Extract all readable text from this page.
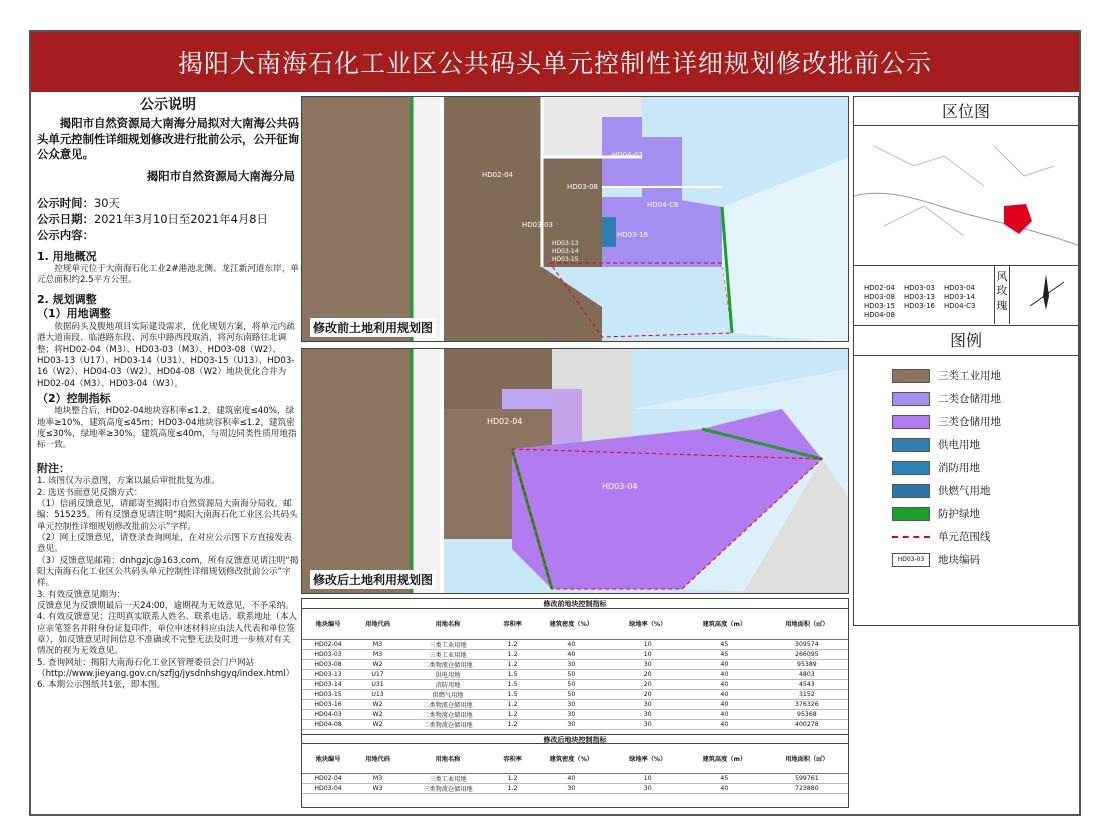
揭阳大南海石化工业区公共码头单元控制性详细规划修改批前公示
公示说明
揭阳市自然资源局大南海分局拟对大南海公共码头单元控制性详细规划修改进行批前公示，公开征询公众意见。
揭阳市自然资源局大南海分局
公示时间：30天
公示日期：2021年3月10日至2021年4月8日
公示内容：
1. 用地概况
控规单元位于大南海石化工业2#港池北侧、龙江新河道东岸，单元总面积约2.5平方公里。
2. 规划调整
（1）用地调整
依据码头及腹地项目实际建设需求，优化规划方案，将单元内疏港大道南段、临港路东段、河东中路西段取消，将河东南路往北调整；将HD02-04（M3）、HD03-03（M3）、HD03-08（W2）、HD03-13（U17）、HD03-14（U31）、HD03-15（U13）、HD03-16（W2）、HD04-03（W2）、HD04-08（W2）地块优化合并为HD02-04（M3）、HD03-04（W3）。
（2）控制指标
地块整合后，HD02-04地块容积率≤1.2，建筑密度≤40%，绿地率≥10%，建筑高度≤45m；HD03-04地块容积率≤1.2，建筑密度≤30%，绿地率≥30%，建筑高度≤40m，与周边同类性质用地指标一致。
附注：
1. 该图仅为示意图，方案以最后审批批复为准。
2. 选送书面意见反馈方式：
（1）信函反馈意见，请邮寄至揭阳市自然资源局大南海分局收，邮编：515235。所有反馈意见请注明“揭阳大南海石化工业区公共码头单元控制性详细规划修改批前公示”字样。
（2）网上反馈意见，请登录查询网址，在对应公示图下方直接发表意见。
（3）反馈意见邮箱：dnhgzjc@163.com，所有反馈意见请注明“揭阳大南海石化工业区公共码头单元控制性详细规划修改批前公示”字样。
3. 有效反馈意见期为：
反馈意见为反馈期最后一天24:00，逾期视为无效意见，不予采纳。
4. 有效反馈意见：注明真实联系人姓名、联系电话、联系地址（本人应亲笔签名并附身份证复印件，单位申述材料应由法人代表和单位签章），如反馈意见时间信息不准确或不完整无法及时进一步核对有关情况的视为无效意见。
5. 查询网址：揭阳大南海石化工业区管理委员会门户网站（http://www.jieyang.gov.cn/szfjg/jysdnhshgyq/index.html）
6. 本期公示图纸共1张，即本图。
HD02-04
HD03-03
HD03-08
HD04-03
HD04-C8
HD03-13
HD03-14
HD03-15
HD03-16
修改前土地利用规划图
HD02-04
HD03-04
修改后土地利用规划图
修改前地块控制指标
地块编号	用地代码	用地名称	容积率	建筑密度（%）	绿地率（%）	建筑高度（m）	用地面积（㎡）
HD02-04	M3	三类工业用地	1.2	40	10	45	309574
HD03-03	M3	三类工业用地	1.2	40	10	45	266095
HD03-08	W2	二类物流仓储用地	1.2	30	30	40	95389
HD03-13	U17	供电用地	1.5	50	20	40	4803
HD03-14	U31	消防用地	1.5	50	20	40	4543
HD03-15	U13	供燃气用地	1.5	50	20	40	3152
HD03-16	W2	二类物流仓储用地	1.2	30	30	40	376326
HD04-03	W2	二类物流仓储用地	1.2	30	30	40	95368
HD04-08	W2	二类物流仓储用地	1.2	30	30	40	400278
修改后地块控制指标
地块编号	用地代码	用地名称	容积率	建筑密度（%）	绿地率（%）	建筑高度（m）	用地面积（㎡）
HD02-04	M3	三类工业用地	1.2	40	10	45	599761
HD03-04	W3	三类物流仓储用地	1.2	30	30	40	723880
区位图
HD02-04	HD03-03	HD03-04
HD03-08	HD03-13	HD03-14
HD03-15	HD03-16	HD04-C3
HD04-08
风玫瑰
图例
三类工业用地
二类仓储用地
三类仓储用地
供电用地
消防用地
供燃气用地
防护绿地
单元范围线
HD03-03	地块编码
